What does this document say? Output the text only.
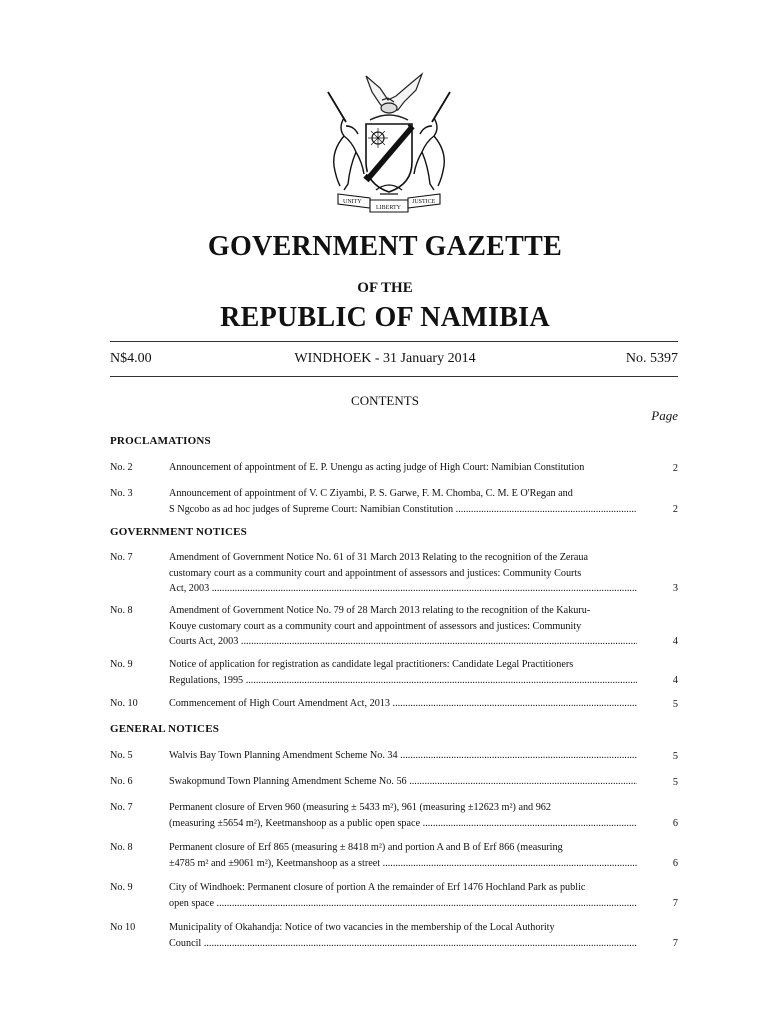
UNITY
LIBERTY
JUSTICE
GOVERNMENT GAZETTE
OF THE
REPUBLIC OF NAMIBIA
N$4.00	WINDHOEK - 31 January 2014	No. 5397
CONTENTS
Page
PROCLAMATIONS
No. 2	Announcement of appointment of E. P. Unengu as acting judge of High Court: Namibian Constitution	2
No. 3	Announcement of appointment of V. C Ziyambi, P. S. Garwe, F. M. Chomba, C. M. E O'Regan and
S Ngcobo as ad hoc judges of Supreme Court: Namibian Constitution .....	2
GOVERNMENT NOTICES
No. 7	Amendment of Government Notice No. 61 of 31 March 2013 Relating to the recognition of the Zeraua
customary court as a community court and appointment of assessors and justices: Community Courts
Act, 2003 .....	3
No. 8	Amendment of Government Notice No. 79 of 28 March 2013 relating to the recognition of the Kakuru-
Kouye customary court as a community court and appointment of assessors and justices: Community
Courts Act, 2003 .....	4
No. 9	Notice of application for registration as candidate legal practitioners: Candidate Legal Practitioners
Regulations, 1995 .....	4
No. 10	Commencement of High Court Amendment Act, 2013 .....	5
GENERAL NOTICES
No. 5	Walvis Bay Town Planning Amendment Scheme No. 34 .....	5
No. 6	Swakopmund Town Planning Amendment Scheme No. 56 .....	5
No. 7	Permanent closure of Erven 960 (measuring ± 5433 m²), 961 (measuring ±12623 m²) and 962
(measuring ±5654 m²), Keetmanshoop as a public open space .....	6
No. 8	Permanent closure of Erf 865 (measuring ± 8418 m²) and portion A and B of Erf 866 (measuring
±4785 m² and ±9061 m²), Keetmanshoop as a street .....	6
No. 9	City of Windhoek: Permanent closure of portion A the remainder of Erf 1476 Hochland Park as public
open space .....	7
No 10	Municipality of Okahandja: Notice of two vacancies in the membership of the Local Authority
Council .....	7
